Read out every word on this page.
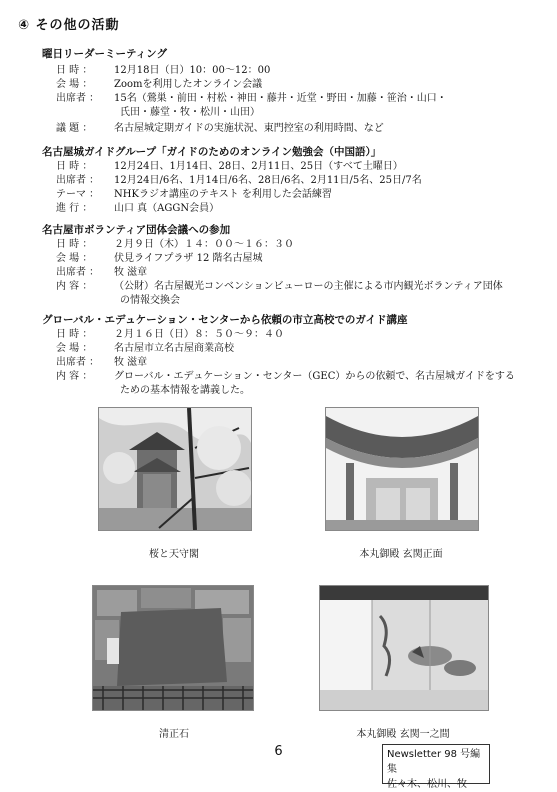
④ その他の活動
曜日リーダーミーティング
日 時 ： 12月18日（日）10：00〜12：00
会 場 ： Zoomを利用したオンライン会議
出席者 ： 15名（鶯巣・前田・村松・神田・藤井・近堂・野田・加藤・笹治・山口・
氏田・藤堂・牧・松川・山田）
議 題 ： 名古屋城定期ガイドの実施状況、東門控室の利用時間、など
名古屋城ガイドグループ「ガイドのためのオンライン勉強会（中国語）」
日 時 ： 12月24日、1月14日、28日、2月11日、25日（すべて土曜日）
出席者 ： 12月24日/6名、1月14日/6名、28日/6名、2月11日/5名、25日/7名
テーマ ： NHKラジオ講座のテキスト を利用した会話練習
進 行 ： 山口 真（AGGN会員）
名古屋市ボランティア団体会議への参加
日 時 ： ２月９日（木）１４：００〜１６：３０
会 場 ： 伏見ライフプラザ 12 階名古屋城
出席者 ： 牧 滋章
内 容 ： （公財）名古屋観光コンベンションビューローの主催による市内観光ボランティア団体
の情報交換会
グローバル・エデュケーション・センターから依頼の市立高校でのガイド講座
日 時 ： ２月１６日（日）８：５０〜９：４０
会 場 ： 名古屋市立名古屋商業高校
出席者 ： 牧 滋章
内 容 ： グローバル・エデュケーション・センター（GEC）からの依頼で、名古屋城ガイドをする
ための基本情報を講義した。
桜と天守閣	本丸御殿 玄関正面
清正石	本丸御殿 玄関一之間
6	Newsletter 98 号編集
佐々木、松川、牧
